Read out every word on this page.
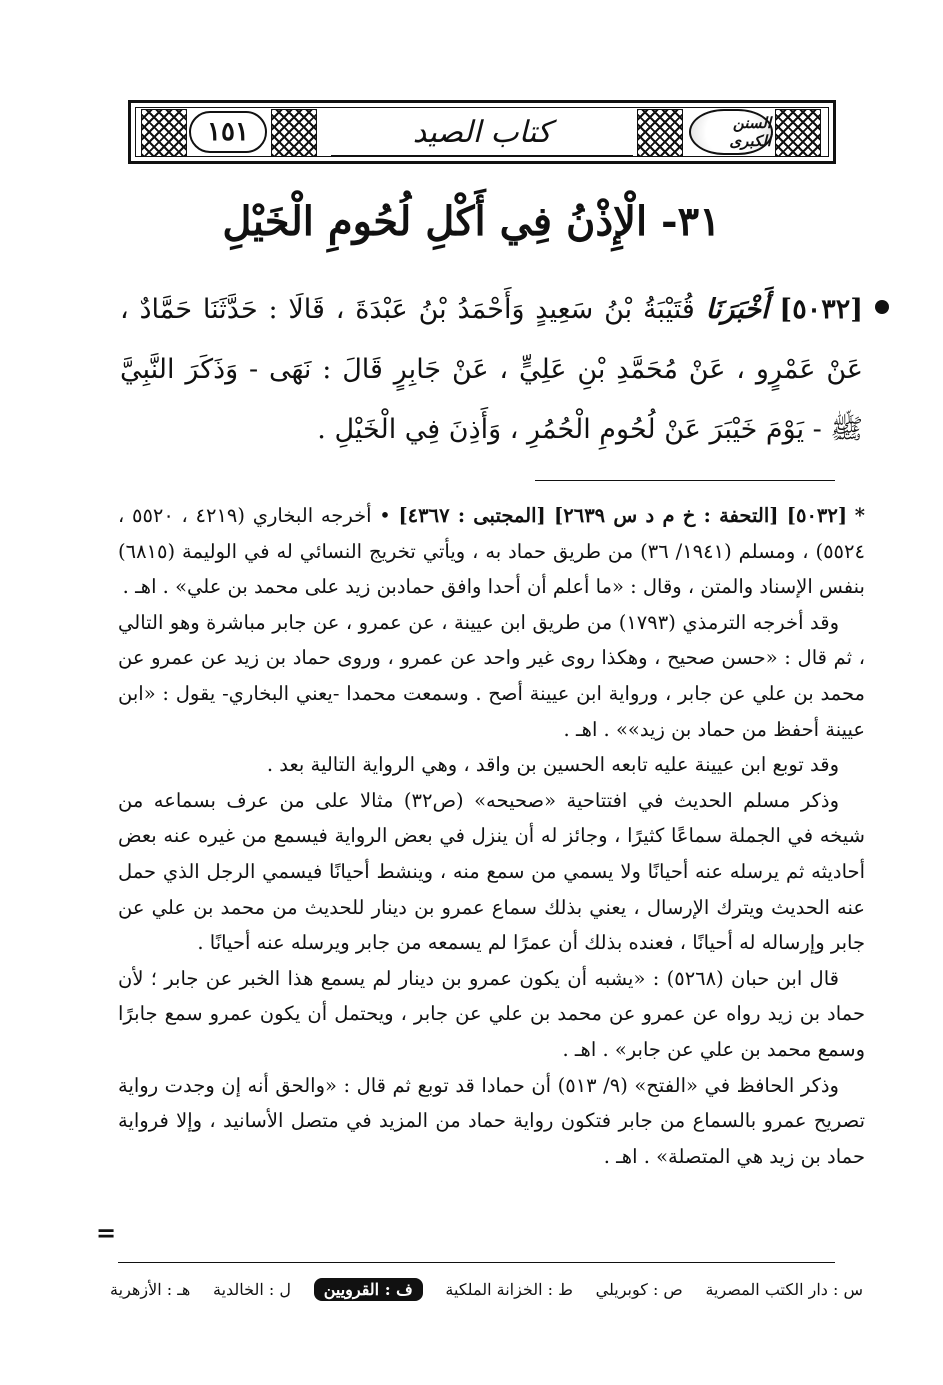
١٥١	كتاب الصيد	السنن الكبرى
٣١- الْإِذْنُ فِي أَكْلِ لُحُومِ الْخَيْلِ
[٥٠٣٢] أَخْبَرَنَا قُتَيْبَةُ بْنُ سَعِيدٍ وَأَحْمَدُ بْنُ عَبْدَةَ ، قَالَا : حَدَّثَنَا حَمَّادٌ ، عَنْ عَمْرٍو ، عَنْ مُحَمَّدِ بْنِ عَلِيٍّ ، عَنْ جَابِرٍ قَالَ : نَهَى - وَذَكَرَ النَّبِيَّ ﷺ - يَوْمَ خَيْبَرَ عَنْ لُحُومِ الْحُمُرِ ، وَأَذِنَ فِي الْخَيْلِ .

* [٥٠٣٢] [التحفة : خ م د س ٢٦٣٩] [المجتبى : ٤٣٦٧] • أخرجه البخاري (٤٢١٩ ، ٥٥٢٠ ، ٥٥٢٤) ، ومسلم (١٩٤١/ ٣٦) من طريق حماد به ، ويأتي تخريج النسائي له في الوليمة (٦٨١٥) بنفس الإسناد والمتن ، وقال : «ما أعلم أن أحدا وافق حمادبن زيد على محمد بن علي» . اهـ .

وقد أخرجه الترمذي (١٧٩٣) من طريق ابن عيينة ، عن عمرو ، عن جابر مباشرة وهو التالي ، ثم قال : «حسن صحيح ، وهكذا روى غير واحد عن عمرو ، وروى حماد بن زيد عن عمرو عن محمد بن علي عن جابر ، ورواية ابن عيينة أصح . وسمعت محمدا -يعني البخاري- يقول : «ابن عيينة أحفظ من حماد بن زيد»» . اهـ .

وقد توبع ابن عيينة عليه تابعه الحسين بن واقد ، وهي الرواية التالية بعد .

وذكر مسلم الحديث في افتتاحية «صحيحه» (ص٣٢) مثالا على من عرف بسماعه من شيخه في الجملة سماعًا كثيرًا ، وجائز له أن ينزل في بعض الرواية فيسمع من غيره عنه بعض أحاديثه ثم يرسله عنه أحيانًا ولا يسمي من سمع منه ، وينشط أحيانًا فيسمي الرجل الذي حمل عنه الحديث ويترك الإرسال ، يعني بذلك سماع عمرو بن دينار للحديث من محمد بن علي عن جابر وإرساله له أحيانًا ، فعنده بذلك أن عمرًا لم يسمعه من جابر ويرسله عنه أحيانًا .

قال ابن حبان (٥٢٦٨) : «يشبه أن يكون عمرو بن دينار لم يسمع هذا الخبر عن جابر ؛ لأن حماد بن زيد رواه عن عمرو عن محمد بن علي عن جابر ، ويحتمل أن يكون عمرو سمع جابرًا وسمع محمد بن علي عن جابر» . اهـ .

وذكر الحافظ في «الفتح» (٩/ ٥١٣) أن حمادا قد توبع ثم قال : «والحق أنه إن وجدت رواية تصريح عمرو بالسماع من جابر فتكون رواية حماد من المزيد في متصل الأسانيد ، وإلا فرواية حماد بن زيد هي المتصلة» . اهـ .

=
س : دار الكتب المصرية
ص : كوبريلي
ط : الخزانة الملكية
ف : القرويين
ل : الخالدية
هـ : الأزهرية
